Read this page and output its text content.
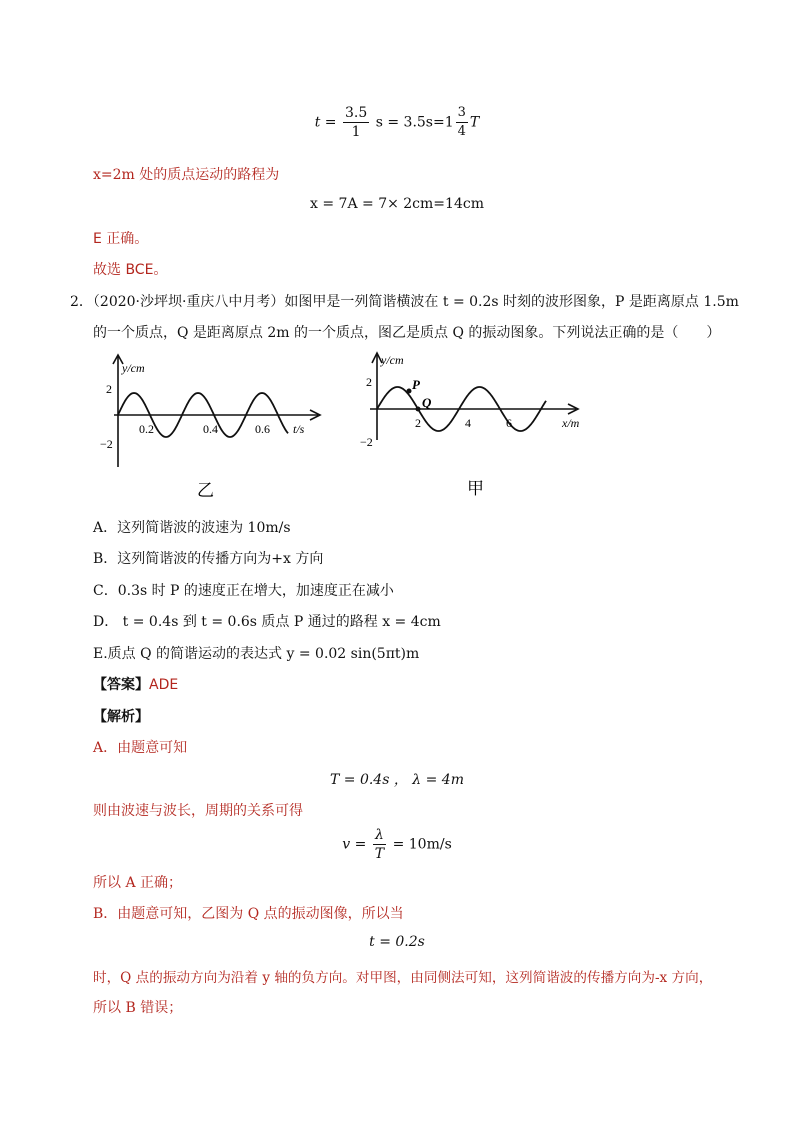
$t = \frac{3.5}{1}$ $s = 3.5s=1 \frac{3}{4}$ T
x=2m 处的质点运动的路程为
x = 7A = 7× 2cm=14cm
E 正确。
故选 BCE。
2．（2020·沙坪坝·重庆八中月考）如图甲是一列简谐横波在 t = 0.2s 时刻的波形图象，P 是距离原点 1.5m
的一个质点，Q 是距离原点 2m 的一个质点，图乙是质点 Q 的振动图象。下列说法正确的是（　　）
y/cm
2
−2
0.2	0.4	0.6 t/s
乙
P
Q
y/cm
2
−2
2	4	6	x/m
甲
A．这列简谐波的波速为 10m/s
B．这列简谐波的传播方向为+x 方向
C．0.3s 时 P 的速度正在增大，加速度正在减小
D． t = 0.4s 到 t = 0.6s 质点 P 通过的路程 x = 4cm
E.质点 Q 的简谐运动的表达式 y = 0.02 sin(5πt)m
【答案】ADE
【解析】
A．由题意可知
T = 0.4s ， λ = 4m
则由波速与波长，周期的关系可得
$v = \frac{\lambda}{T} = 10m/s$
所以 A 正确；
B．由题意可知，乙图为 Q 点的振动图像，所以当
t = 0.2s
时，Q 点的振动方向为沿着 y 轴的负方向。对甲图，由同侧法可知，这列简谐波的传播方向为-x 方向，
所以 B 错误；
